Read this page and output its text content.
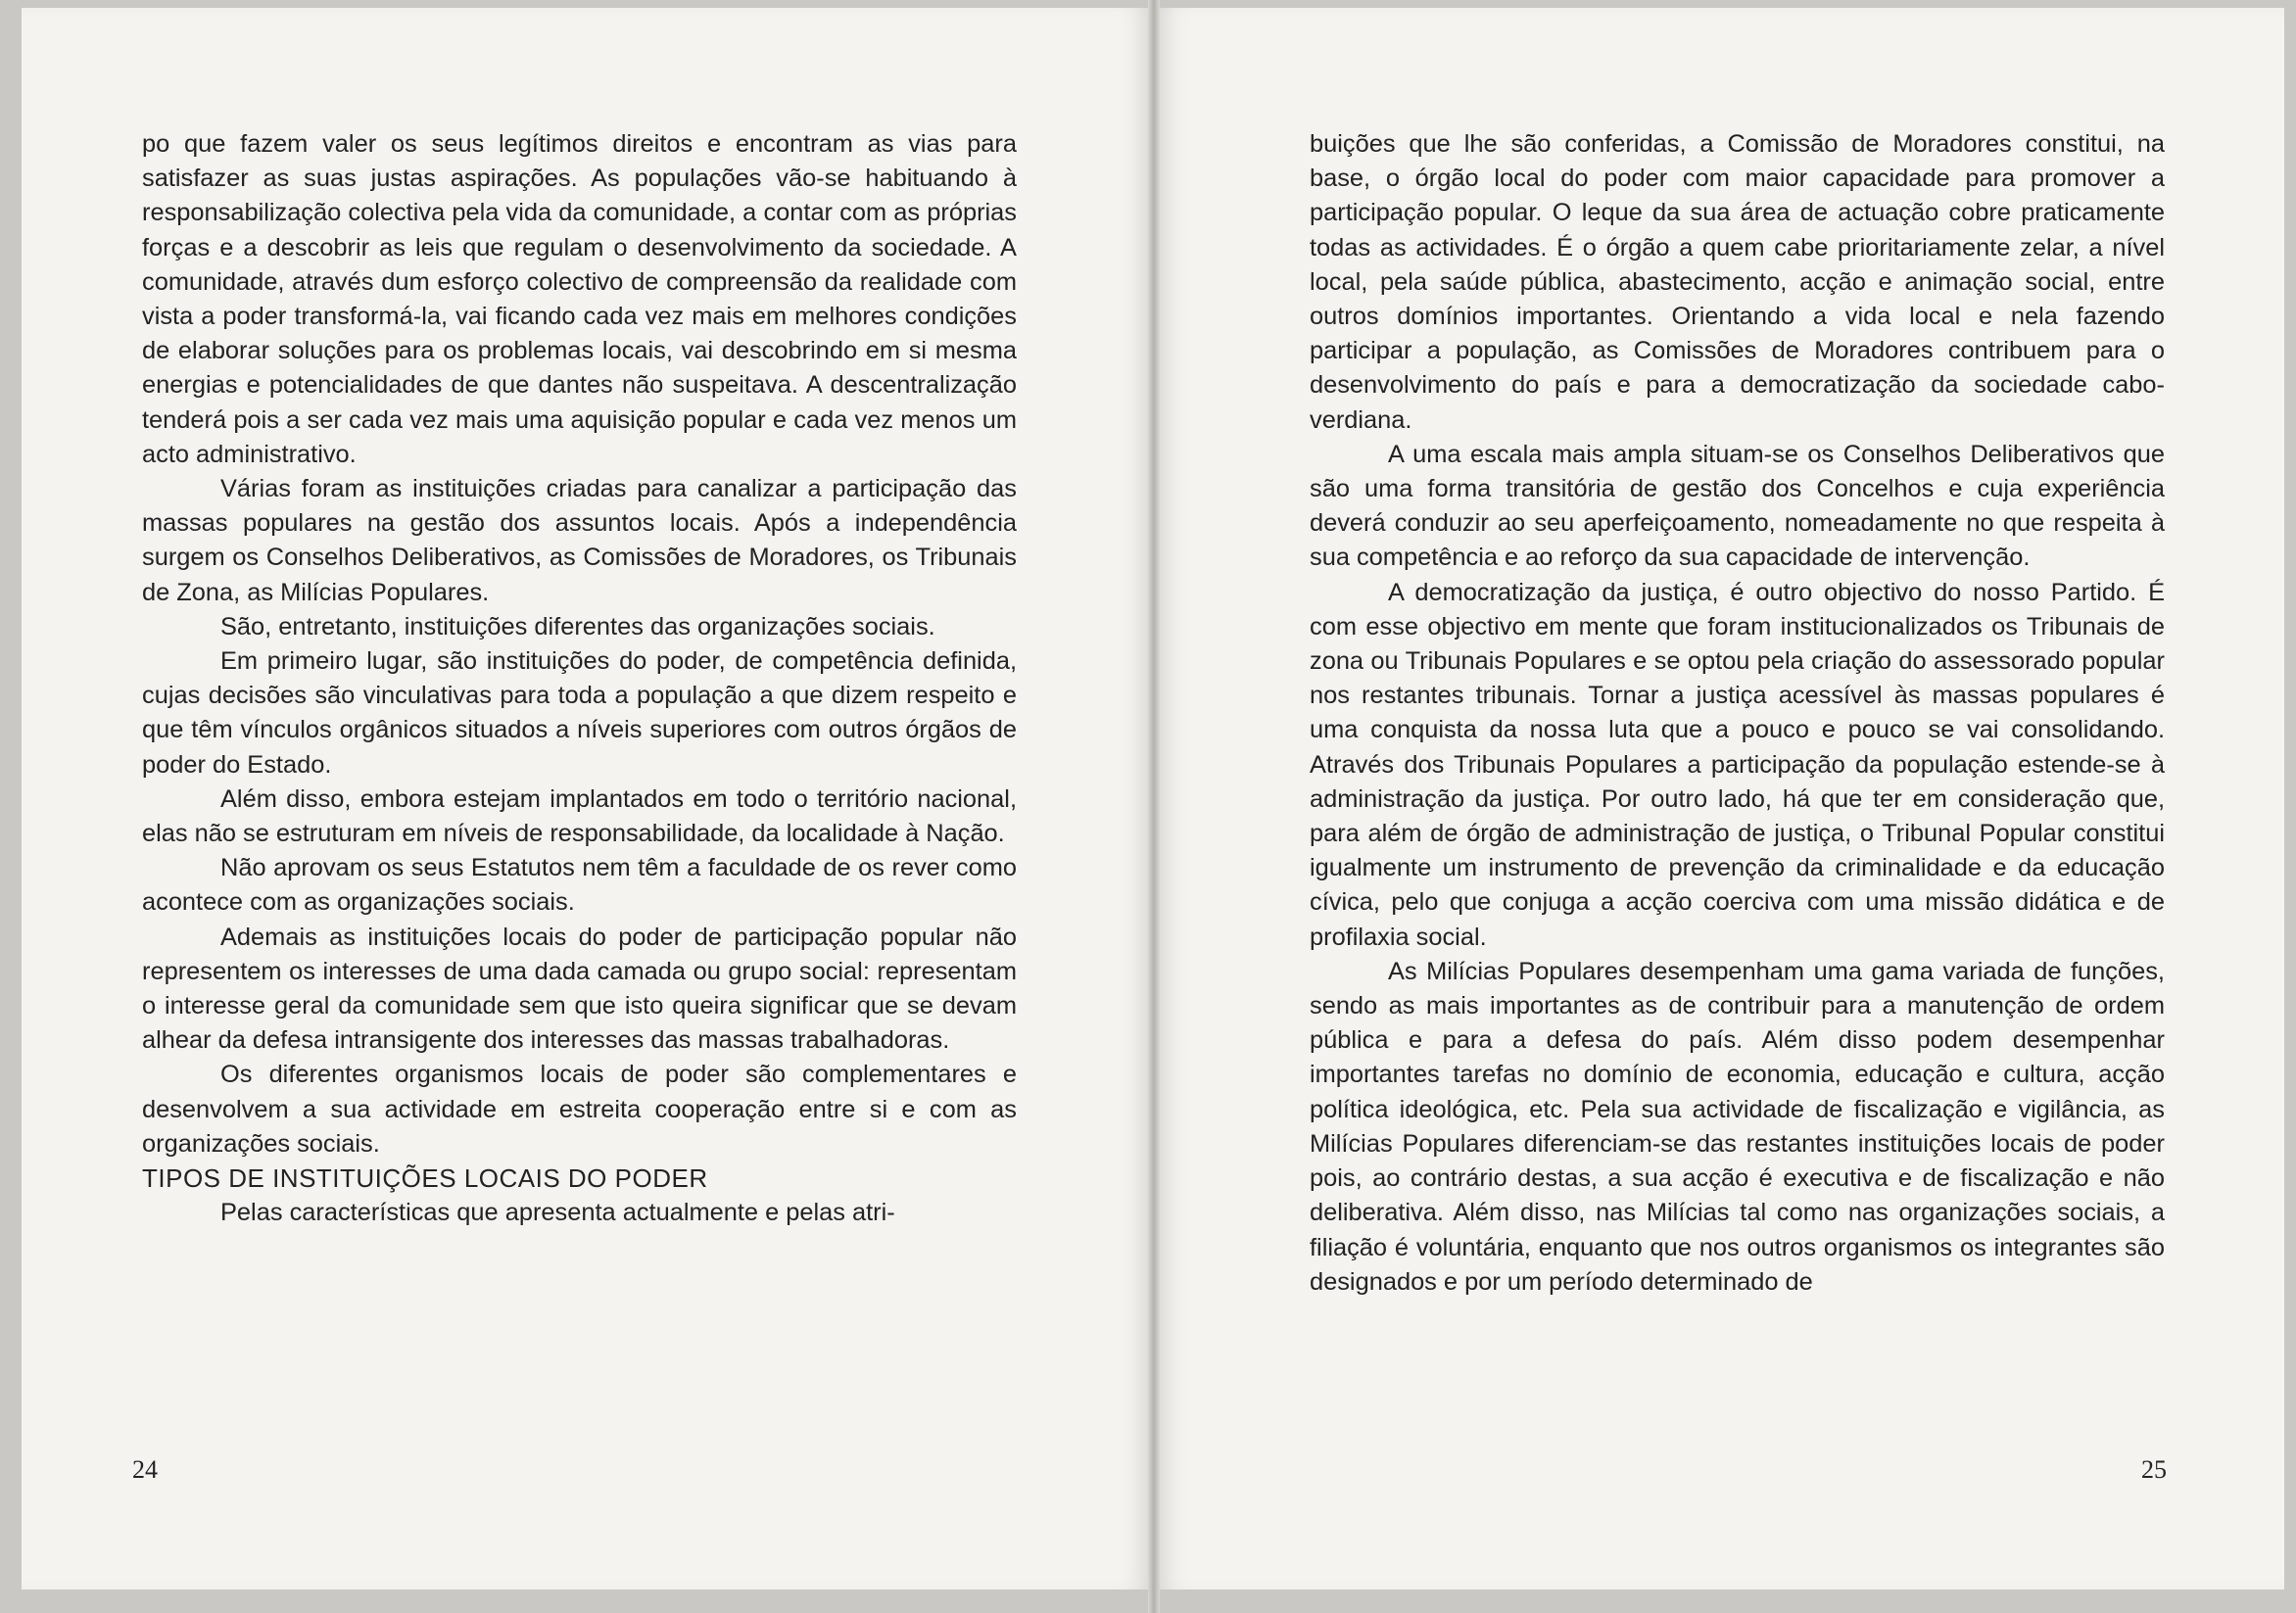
po que fazem valer os seus legítimos direitos e encontram as vias para satisfazer as suas justas aspirações. As populações vão-se habituando à responsabilização colectiva pela vida da comunidade, a contar com as próprias forças e a descobrir as leis que regulam o desenvolvimento da sociedade. A comunidade, através dum esforço colectivo de compreensão da realidade com vista a poder transformá-la, vai ficando cada vez mais em melhores condições de elaborar soluções para os problemas locais, vai descobrindo em si mesma energias e potencialidades de que dantes não suspeitava. A descentralização tenderá pois a ser cada vez mais uma aquisição popular e cada vez menos um acto administrativo.

Várias foram as instituições criadas para canalizar a participação das massas populares na gestão dos assuntos locais. Após a independência surgem os Conselhos Deliberativos, as Comissões de Moradores, os Tribunais de Zona, as Milícias Populares.

São, entretanto, instituições diferentes das organizações sociais.

Em primeiro lugar, são instituições do poder, de competência definida, cujas decisões são vinculativas para toda a população a que dizem respeito e que têm vínculos orgânicos situados a níveis superiores com outros órgãos de poder do Estado.

Além disso, embora estejam implantados em todo o território nacional, elas não se estruturam em níveis de responsabilidade, da localidade à Nação.

Não aprovam os seus Estatutos nem têm a faculdade de os rever como acontece com as organizações sociais.

Ademais as instituições locais do poder de participação popular não representem os interesses de uma dada camada ou grupo social: representam o interesse geral da comunidade sem que isto queira significar que se devam alhear da defesa intransigente dos interesses das massas trabalhadoras.

Os diferentes organismos locais de poder são complementares e desenvolvem a sua actividade em estreita cooperação entre si e com as organizações sociais.

TIPOS DE INSTITUIÇÕES LOCAIS DO PODER

Pelas características que apresenta actualmente e pelas atri-

24

buições que lhe são conferidas, a Comissão de Moradores constitui, na base, o órgão local do poder com maior capacidade para promover a participação popular. O leque da sua área de actuação cobre praticamente todas as actividades. É o órgão a quem cabe prioritariamente zelar, a nível local, pela saúde pública, abastecimento, acção e animação social, entre outros domínios importantes. Orientando a vida local e nela fazendo participar a população, as Comissões de Moradores contribuem para o desenvolvimento do país e para a democratização da sociedade cabo-verdiana.

A uma escala mais ampla situam-se os Conselhos Deliberativos que são uma forma transitória de gestão dos Concelhos e cuja experiência deverá conduzir ao seu aperfeiçoamento, nomeadamente no que respeita à sua competência e ao reforço da sua capacidade de intervenção.

A democratização da justiça, é outro objectivo do nosso Partido. É com esse objectivo em mente que foram institucionalizados os Tribunais de zona ou Tribunais Populares e se optou pela criação do assessorado popular nos restantes tribunais. Tornar a justiça acessível às massas populares é uma conquista da nossa luta que a pouco e pouco se vai consolidando. Através dos Tribunais Populares a participação da população estende-se à administração da justiça. Por outro lado, há que ter em consideração que, para além de órgão de administração de justiça, o Tribunal Popular constitui igualmente um instrumento de prevenção da criminalidade e da educação cívica, pelo que conjuga a acção coerciva com uma missão didática e de profilaxia social.

As Milícias Populares desempenham uma gama variada de funções, sendo as mais importantes as de contribuir para a manutenção de ordem pública e para a defesa do país. Além disso podem desempenhar importantes tarefas no domínio de economia, educação e cultura, acção política ideológica, etc. Pela sua actividade de fiscalização e vigilância, as Milícias Populares diferenciam-se das restantes instituições locais de poder pois, ao contrário destas, a sua acção é executiva e de fiscalização e não deliberativa. Além disso, nas Milícias tal como nas organizações sociais, a filiação é voluntária, enquanto que nos outros organismos os integrantes são designados e por um período determinado de

25
